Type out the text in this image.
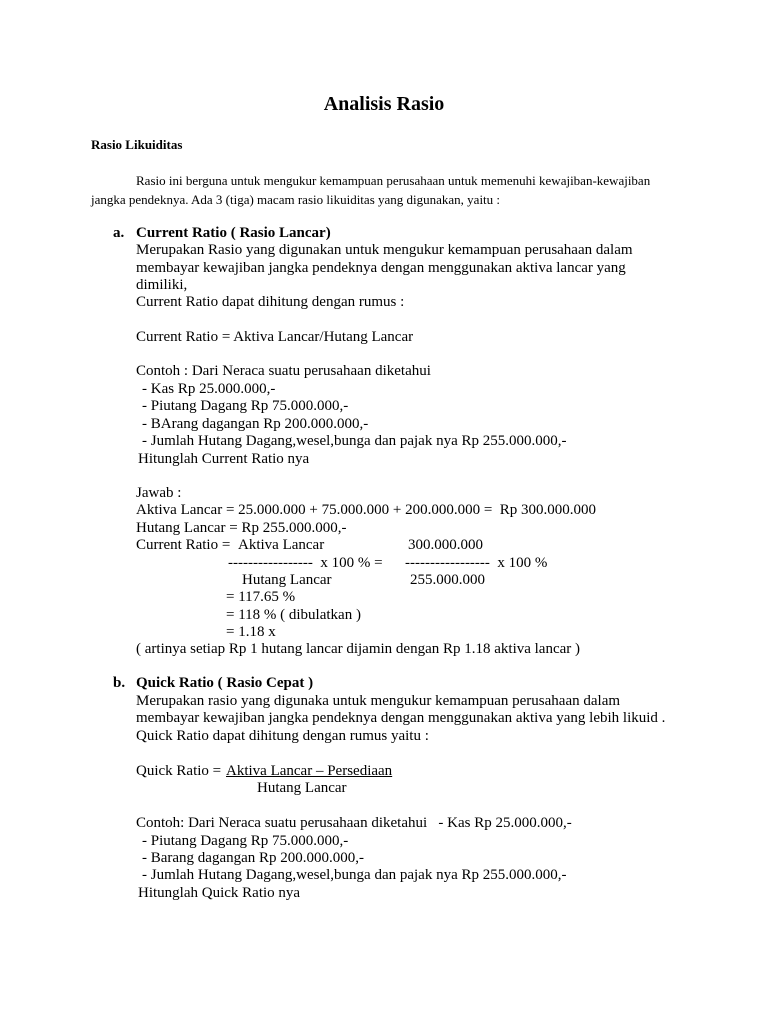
Analisis Rasio
Rasio Likuiditas
Rasio ini berguna untuk mengukur kemampuan perusahaan untuk memenuhi kewajiban-kewajiban
jangka pendeknya. Ada 3 (tiga) macam rasio likuiditas yang digunakan, yaitu :
a. Current Ratio ( Rasio Lancar)
Merupakan Rasio yang digunakan untuk mengukur kemampuan perusahaan dalam
membayar kewajiban jangka pendeknya dengan menggunakan aktiva lancar yang
dimiliki,
Current Ratio dapat dihitung dengan rumus :
Current Ratio = Aktiva Lancar/Hutang Lancar
Contoh : Dari Neraca suatu perusahaan diketahui
- Kas Rp 25.000.000,-
- Piutang Dagang Rp 75.000.000,-
- BArang dagangan Rp 200.000.000,-
- Jumlah Hutang Dagang,wesel,bunga dan pajak nya Rp 255.000.000,-
Hitunglah Current Ratio nya
Jawab :
Aktiva Lancar = 25.000.000 + 75.000.000 + 200.000.000 =  Rp 300.000.000
Hutang Lancar = Rp 255.000.000,-
Current Ratio = Aktiva Lancar	300.000.000
-----------------  x 100 % = -----------------  x 100 %
Hutang Lancar	255.000.000
= 117.65 %
= 118 % ( dibulatkan )
= 1.18 x
( artinya setiap Rp 1 hutang lancar dijamin dengan Rp 1.18 aktiva lancar )
b. Quick Ratio ( Rasio Cepat )
Merupakan rasio yang digunaka untuk mengukur kemampuan perusahaan dalam
membayar kewajiban jangka pendeknya dengan menggunakan aktiva yang lebih likuid .
Quick Ratio dapat dihitung dengan rumus yaitu :
Quick Ratio = Aktiva Lancar – Persediaan
Hutang Lancar
Contoh: Dari Neraca suatu perusahaan diketahui   - Kas Rp 25.000.000,-
- Piutang Dagang Rp 75.000.000,-
- Barang dagangan Rp 200.000.000,-
- Jumlah Hutang Dagang,wesel,bunga dan pajak nya Rp 255.000.000,-
Hitunglah Quick Ratio nya
